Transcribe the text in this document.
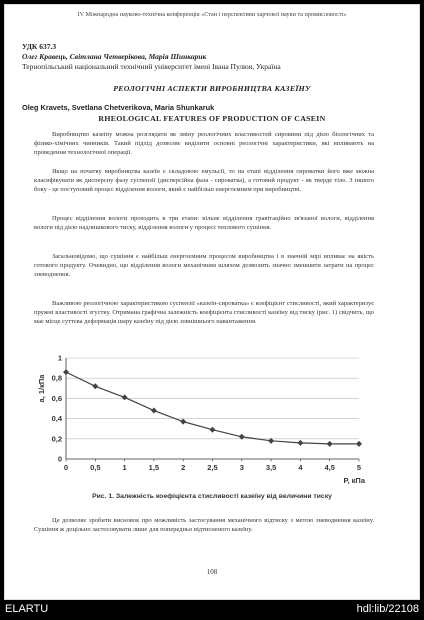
IV Міжнародна науково-технічна конференція «Стан і перспективи харчової науки та промисловості»

УДК 637.3

Олег Кравець, Світлана Четверікова, Марія Шинкарик

Тернопільський національний технічний університет імені Івана Пулюя, Україна

РЕОЛОГІЧНІ АСПЕКТИ ВИРОБНИЦТВА КАЗЕЇНУ

Oleg Kravets, Svetlana Chetverikova, Maria Shunkaruk

RHEOLOGICAL FEATURES OF PRODUCTION OF CASEIN

Виробництво казеїну можна розглядати як зміну реологічних властивостей сировини під дією біологічних та фізико-хімічних чинників. Такий підхід дозволяє виділити основні реологічні характеристики, які впливають на проведення технологічної операції.

Якщо на початку виробництва казеїн є складовою емульсії, то на етапі відділення сироватки його вже можна класифікувати як дисперсну фазу суспензії (дисперсійна фаза - сироватка), а готовий продукт - як тверде тіло. З іншого боку - це поступовий процес відділення вологи, який є найбільш енергоємним при виробництві.

Процес відділення вологи проходить в три етапи: вільне відділення гравітаційно зв'язаної вологи, відділення вологи під дією надлишкового тиску, відділення вологи у процесі теплового сушіння.

Загальновідомо, що сушіння є найбільш енергоємним процесом виробництва і в значній мірі впливає на якість готового продукту. Очевидно, що відділення вологи механічним шляхом дозволить значно зменшити затрати на процес зневоднення.

Важливою реологічною характеристикою суспензії «казеїн-сироватка» є коефіцієнт стисливості, який характеризує пружні властивості згустку. Отримана графічна залежність коефіцієнта стисливості казеїну від тиску (рис. 1) свідчить, що має місце суттєва деформація шару казеїну під дією зовнішнього навантаження.

0
0,2
0,4
0,6
0,8
1
0	0,5	1	1,5	2	2,5	3	3,5	4	4,5	5
a, 1/кПа
P, кПа

Рис. 1. Залежність коефіцієнта стисливості казеїну від величини тиску

Це дозволяє зробити висновок про можливість застосування механічного відтиску з метою зневоднення казеїну. Сушіння ж доцільно застосовувати лише для попередньо відтисненого казеїну.

108

ELARTU	hdl:lib/22108
